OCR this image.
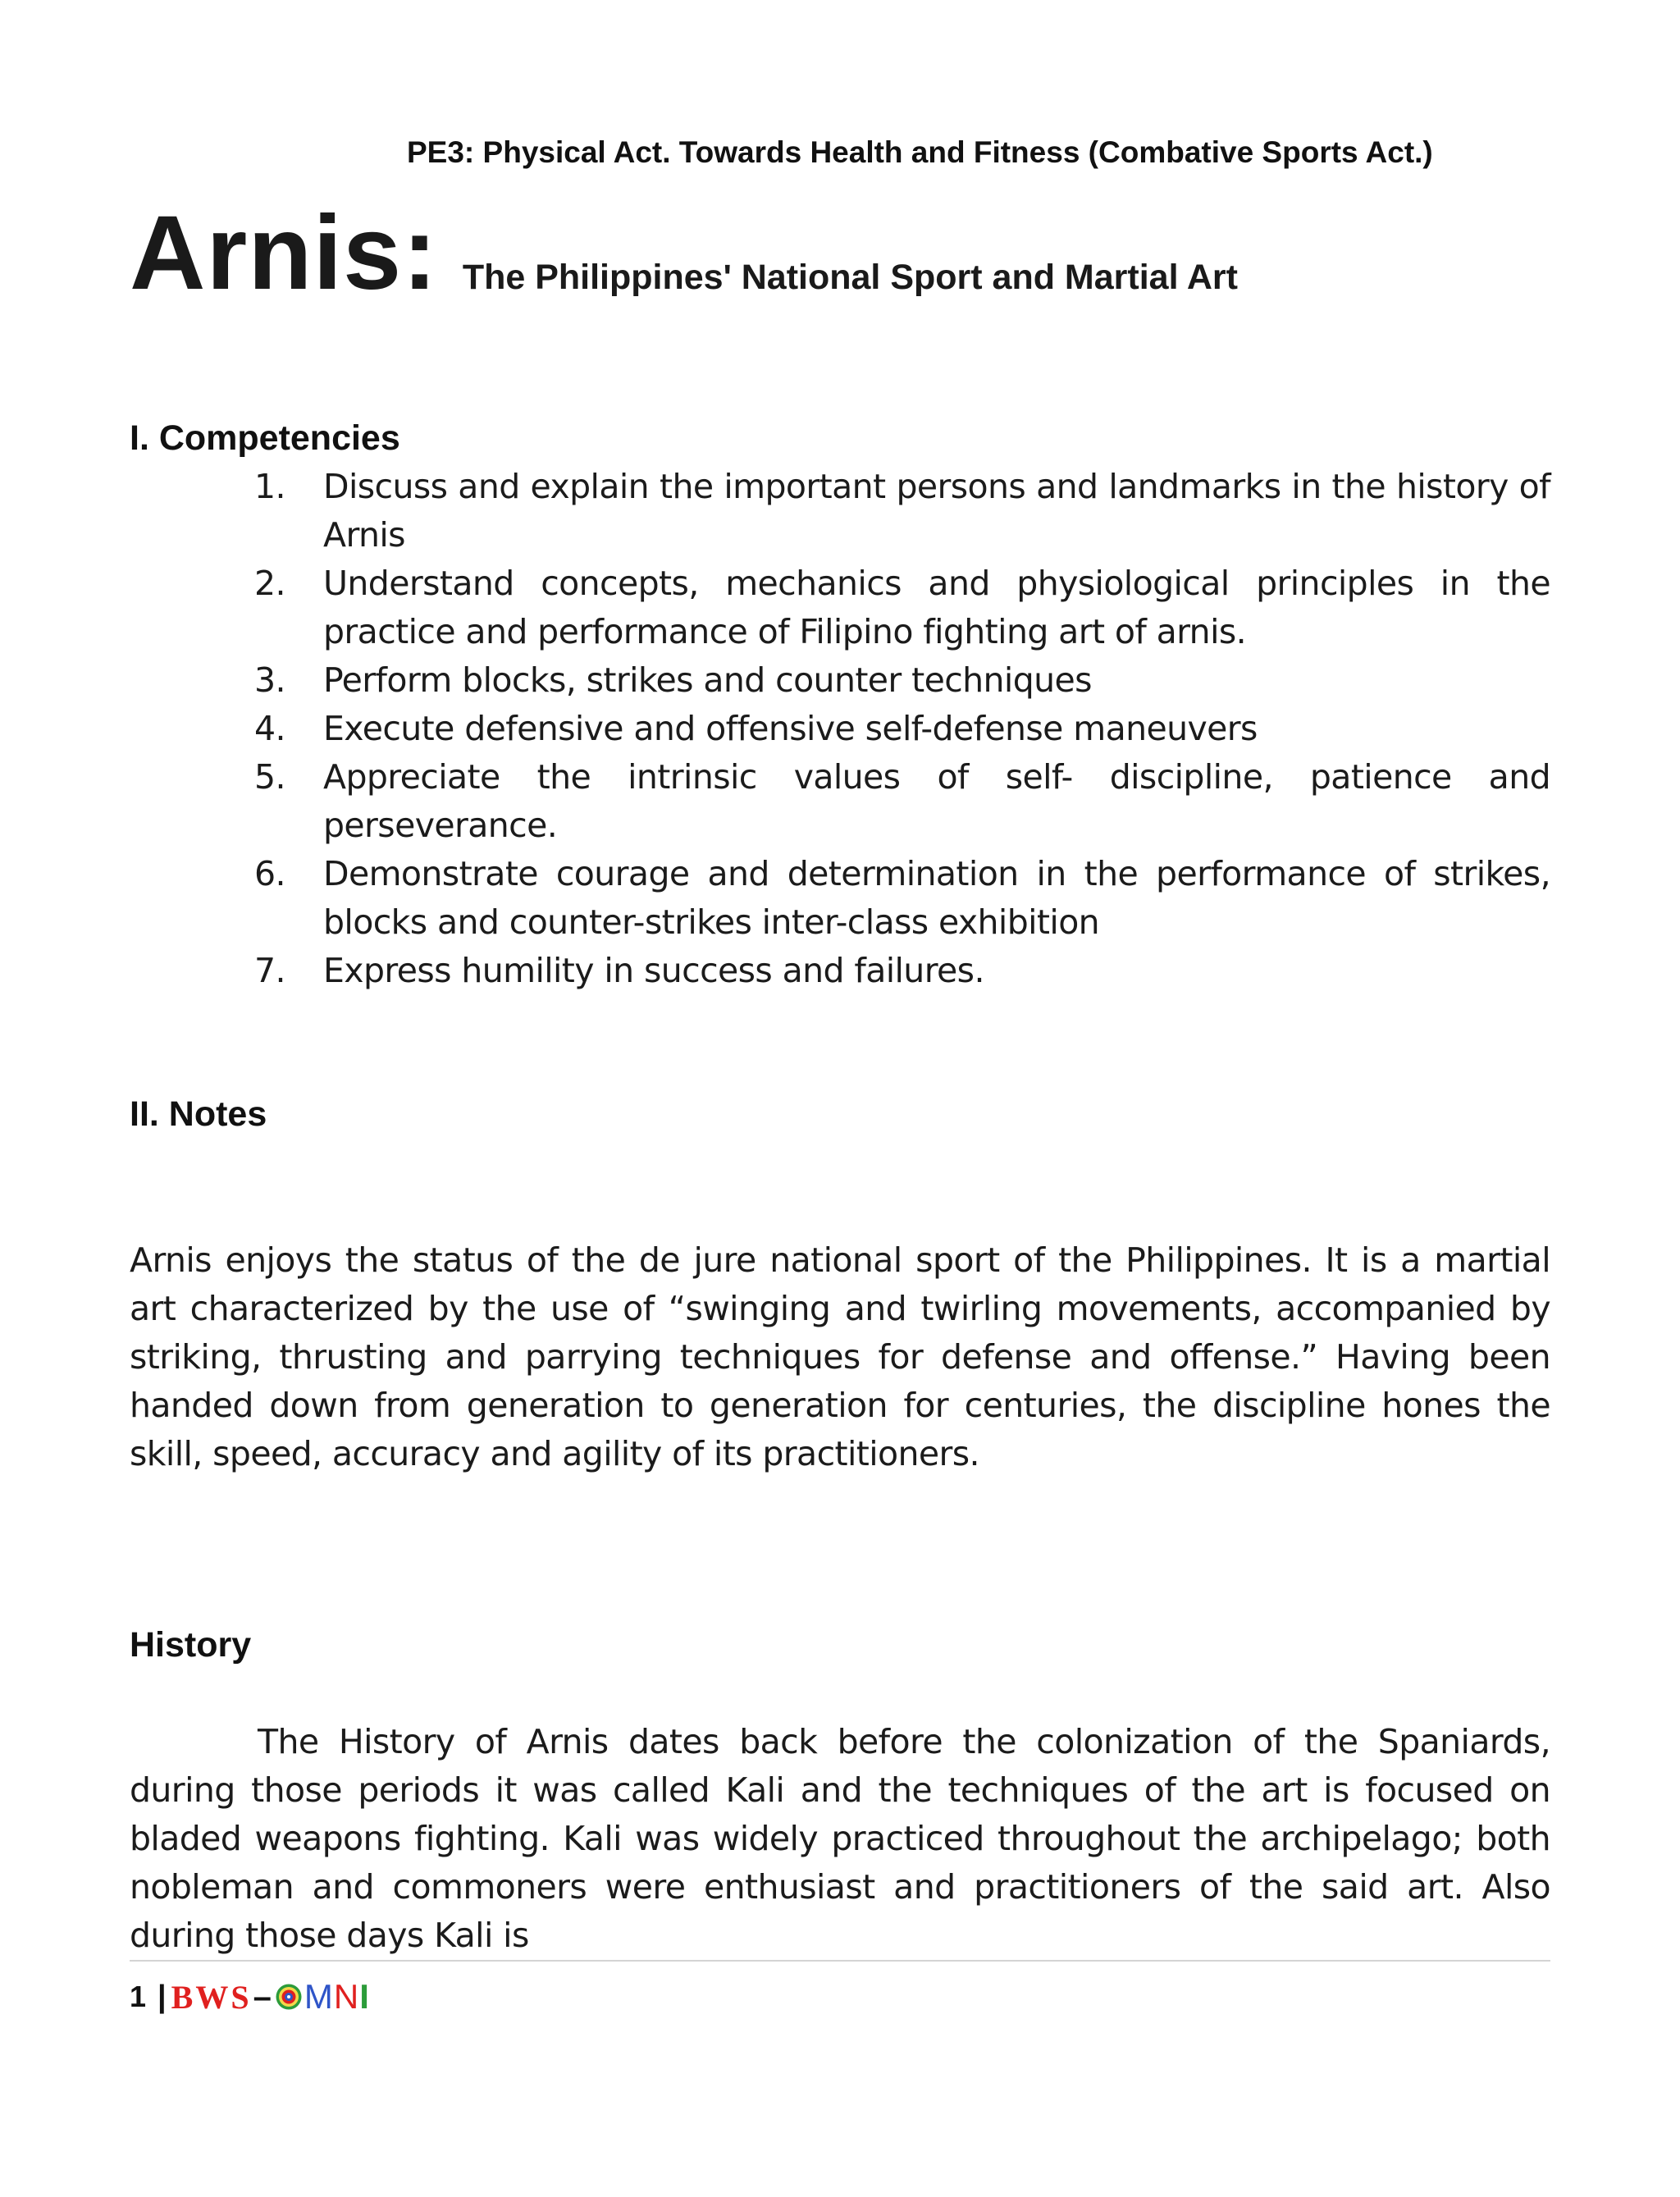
PE3: Physical Act. Towards Health and Fitness (Combative Sports Act.)
Arnis: The Philippines' National Sport and Martial Art
I. Competencies
1. Discuss and explain the important persons and landmarks in the history of Arnis
2. Understand concepts, mechanics and physiological principles in the practice and performance of Filipino fighting art of arnis.
3. Perform blocks, strikes and counter techniques
4. Execute defensive and offensive self-defense maneuvers
5. Appreciate the intrinsic values of self- discipline, patience and perseverance.
6. Demonstrate courage and determination in the performance of strikes, blocks and counter-strikes inter-class exhibition
7. Express humility in success and failures.
II. Notes

Arnis enjoys the status of the de jure national sport of the Philippines. It is a martial art characterized by the use of “swinging and twirling movements, accompanied by striking, thrusting and parrying techniques for defense and offense.” Having been handed down from generation to generation for centuries, the discipline hones the skill, speed, accuracy and agility of its practitioners.

History

The History of Arnis dates back before the colonization of the Spaniards, during those periods it was called Kali and the techniques of the art is focused on bladed weapons fighting. Kali was widely practiced throughout the archipelago; both nobleman and commoners were enthusiast and practitioners of the said art. Also during those days Kali is

1 | BWS – MNI
